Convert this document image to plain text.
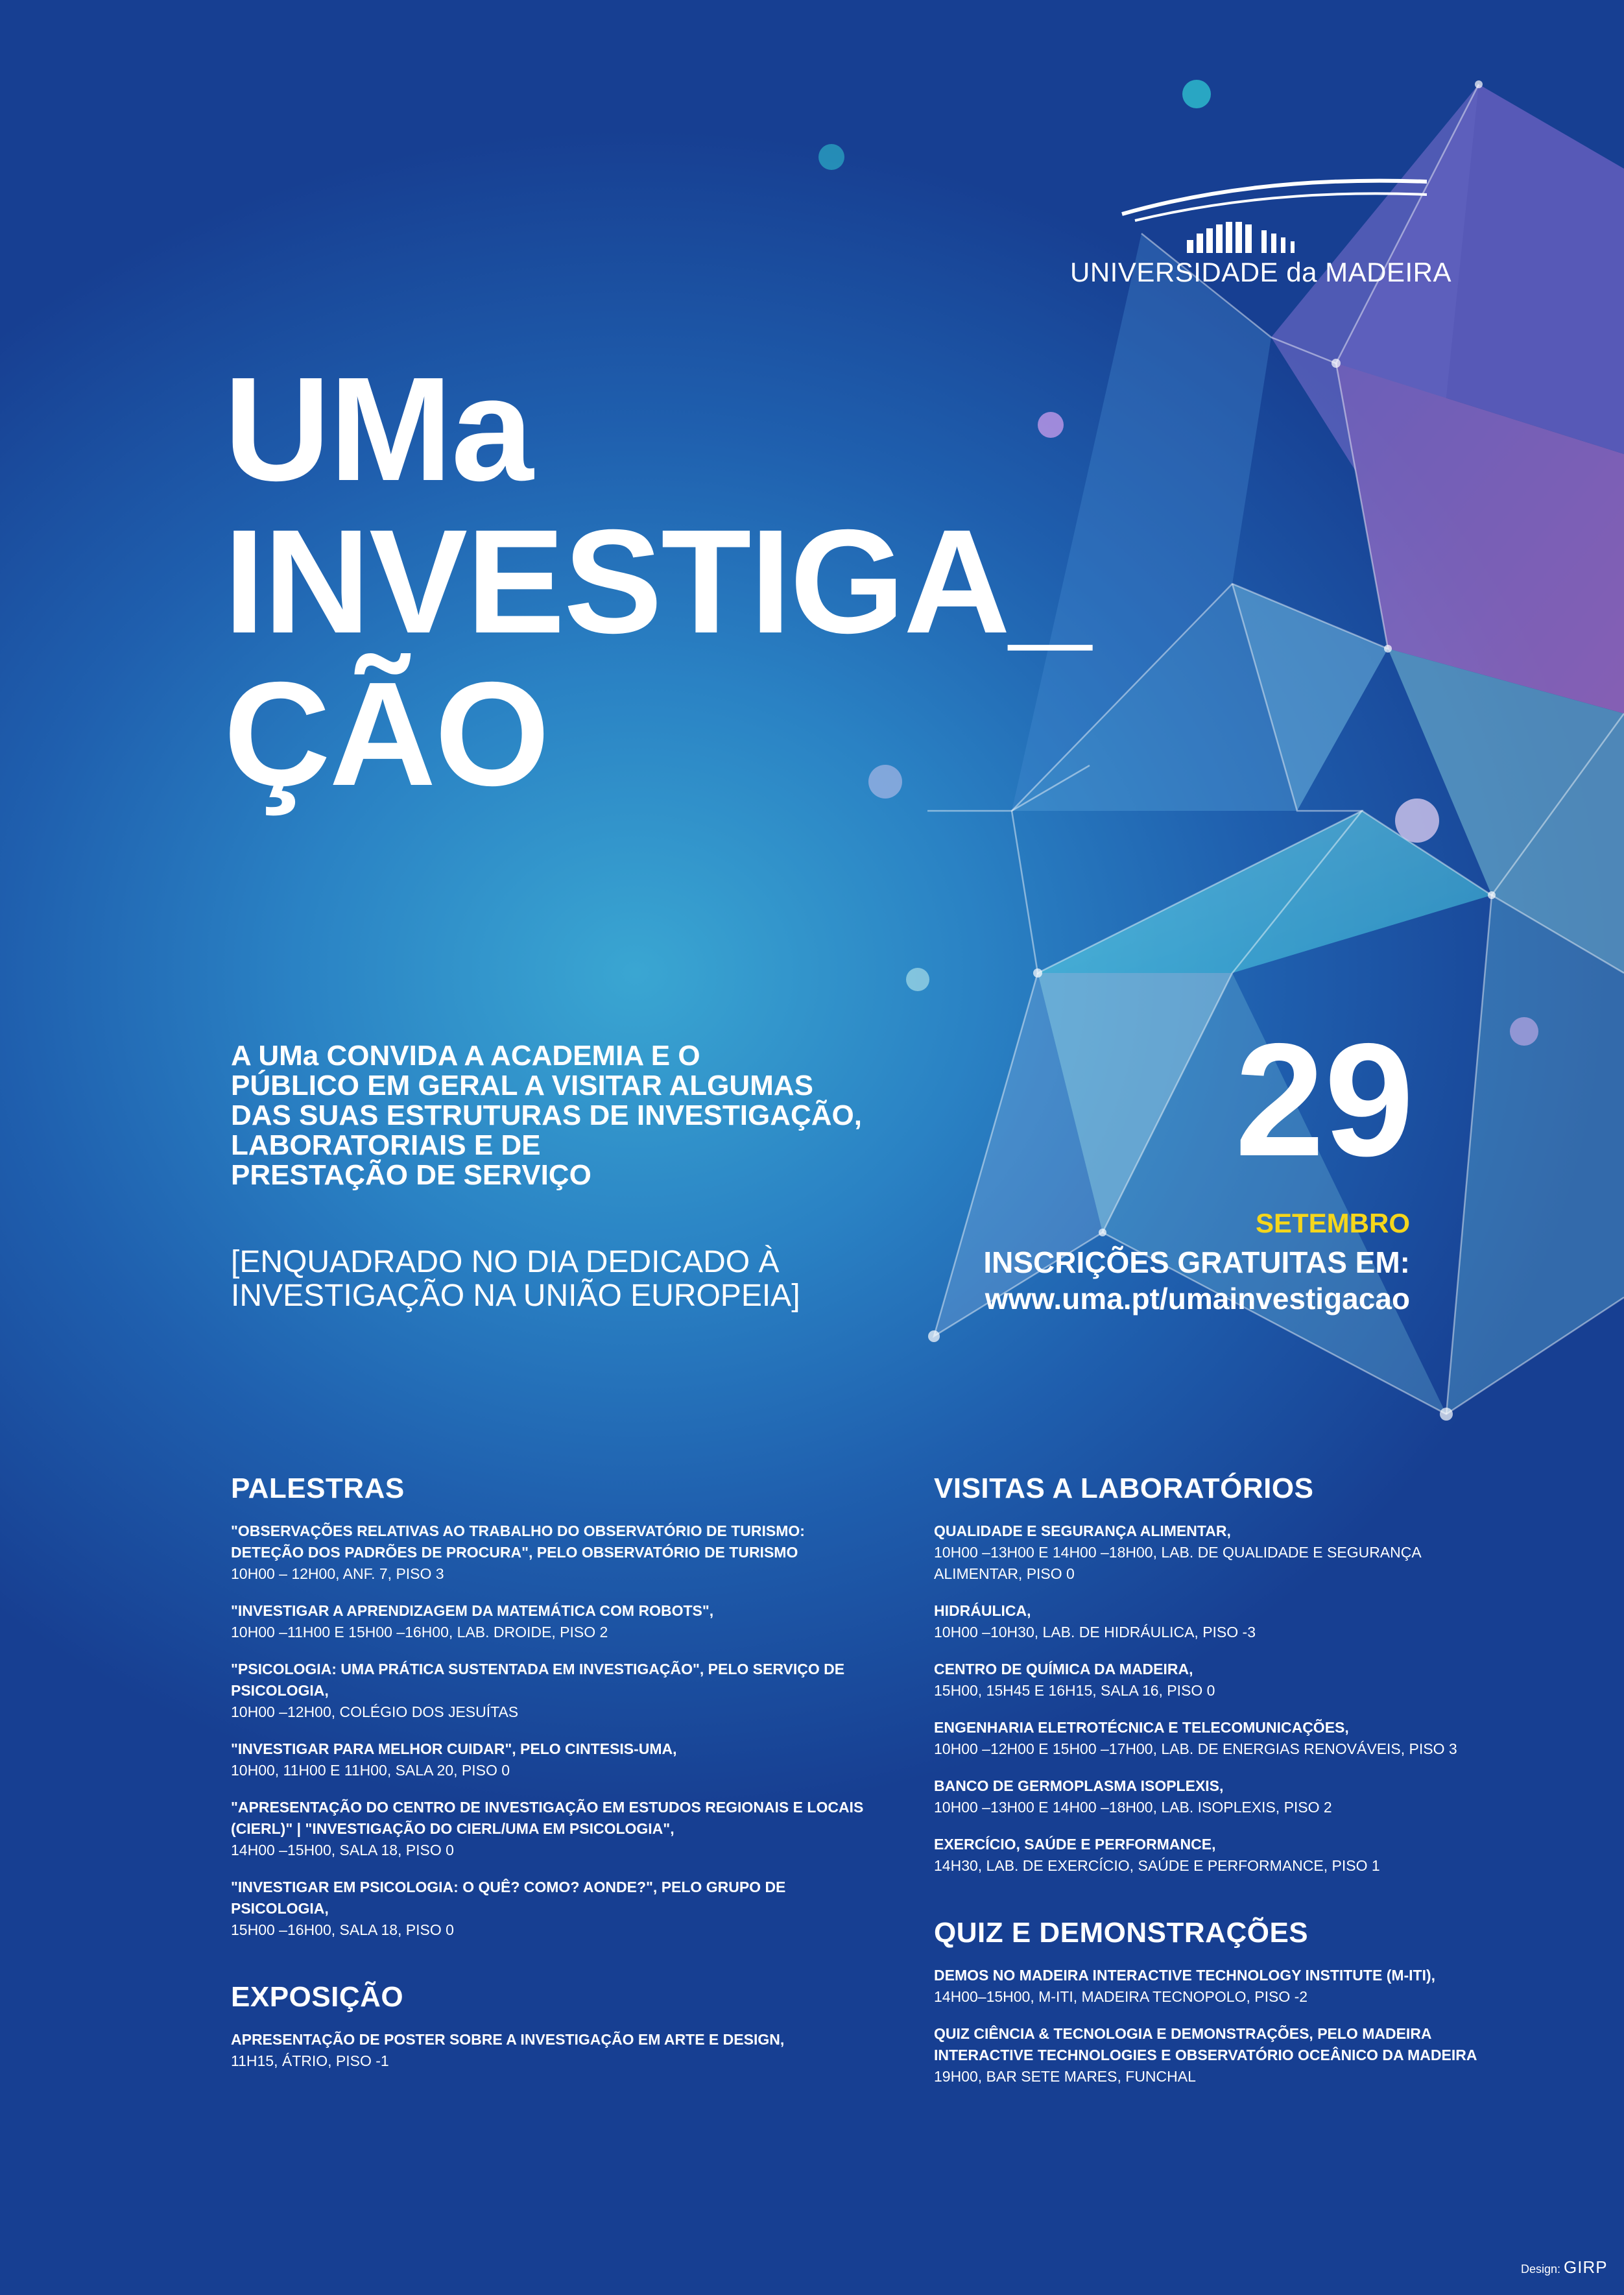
UNIVERSIDADE da MADEIRA
UMa
INVESTIGA_
ÇÃO
A UMa CONVIDA A ACADEMIA E O
PÚBLICO EM GERAL A VISITAR ALGUMAS
DAS SUAS ESTRUTURAS DE INVESTIGAÇÃO,
LABORATORIAIS E DE
PRESTAÇÃO DE SERVIÇO
[ENQUADRADO NO DIA DEDICADO À
INVESTIGAÇÃO NA UNIÃO EUROPEIA]
29
SETEMBRO
INSCRIÇÕES GRATUITAS EM:
www.uma.pt/umainvestigacao
PALESTRAS
"OBSERVAÇÕES RELATIVAS AO TRABALHO DO OBSERVATÓRIO DE TURISMO: DETEÇÃO DOS PADRÕES DE PROCURA", PELO OBSERVATÓRIO DE TURISMO
10H00 – 12H00, ANF. 7, PISO 3
"INVESTIGAR A APRENDIZAGEM DA MATEMÁTICA COM ROBOTS",
10H00 –11H00 E 15H00 –16H00, LAB. DROIDE, PISO 2
"PSICOLOGIA: UMA PRÁTICA SUSTENTADA EM INVESTIGAÇÃO", PELO SERVIÇO DE PSICOLOGIA,
10H00 –12H00, COLÉGIO DOS JESUÍTAS
"INVESTIGAR PARA MELHOR CUIDAR", PELO CINTESIS-UMA,
10H00, 11H00 E 11H00, SALA 20, PISO 0
"APRESENTAÇÃO DO CENTRO DE INVESTIGAÇÃO EM ESTUDOS REGIONAIS E LOCAIS (CIERL)" | "INVESTIGAÇÃO DO CIERL/UMA EM PSICOLOGIA",
14H00 –15H00, SALA 18, PISO 0
"INVESTIGAR EM PSICOLOGIA: O QUÊ? COMO? AONDE?", PELO GRUPO DE PSICOLOGIA,
15H00 –16H00, SALA 18, PISO 0
EXPOSIÇÃO
APRESENTAÇÃO DE POSTER SOBRE A INVESTIGAÇÃO EM ARTE E DESIGN,
11H15, ÁTRIO, PISO -1
VISITAS A LABORATÓRIOS
QUALIDADE E SEGURANÇA ALIMENTAR,
10H00 –13H00 E 14H00 –18H00, LAB. DE QUALIDADE E SEGURANÇA ALIMENTAR, PISO 0
HIDRÁULICA,
10H00 –10H30, LAB. DE HIDRÁULICA, PISO -3
CENTRO DE QUÍMICA DA MADEIRA,
15H00, 15H45 E 16H15, SALA 16, PISO 0
ENGENHARIA ELETROTÉCNICA E TELECOMUNICAÇÕES,
10H00 –12H00 E 15H00 –17H00, LAB. DE ENERGIAS RENOVÁVEIS, PISO 3
BANCO DE GERMOPLASMA ISOPLEXIS,
10H00 –13H00 E 14H00 –18H00, LAB. ISOPLEXIS, PISO 2
EXERCÍCIO, SAÚDE E PERFORMANCE,
14H30, LAB. DE EXERCÍCIO, SAÚDE E PERFORMANCE, PISO 1
QUIZ E DEMONSTRAÇÕES
DEMOS NO MADEIRA INTERACTIVE TECHNOLOGY INSTITUTE (M-ITI),
14H00–15H00, M-ITI, MADEIRA TECNOPOLO, PISO -2
QUIZ CIÊNCIA & TECNOLOGIA E DEMONSTRAÇÕES, PELO MADEIRA INTERACTIVE TECHNOLOGIES E OBSERVATÓRIO OCEÂNICO DA MADEIRA
19H00, BAR SETE MARES, FUNCHAL
Design: GIRP
